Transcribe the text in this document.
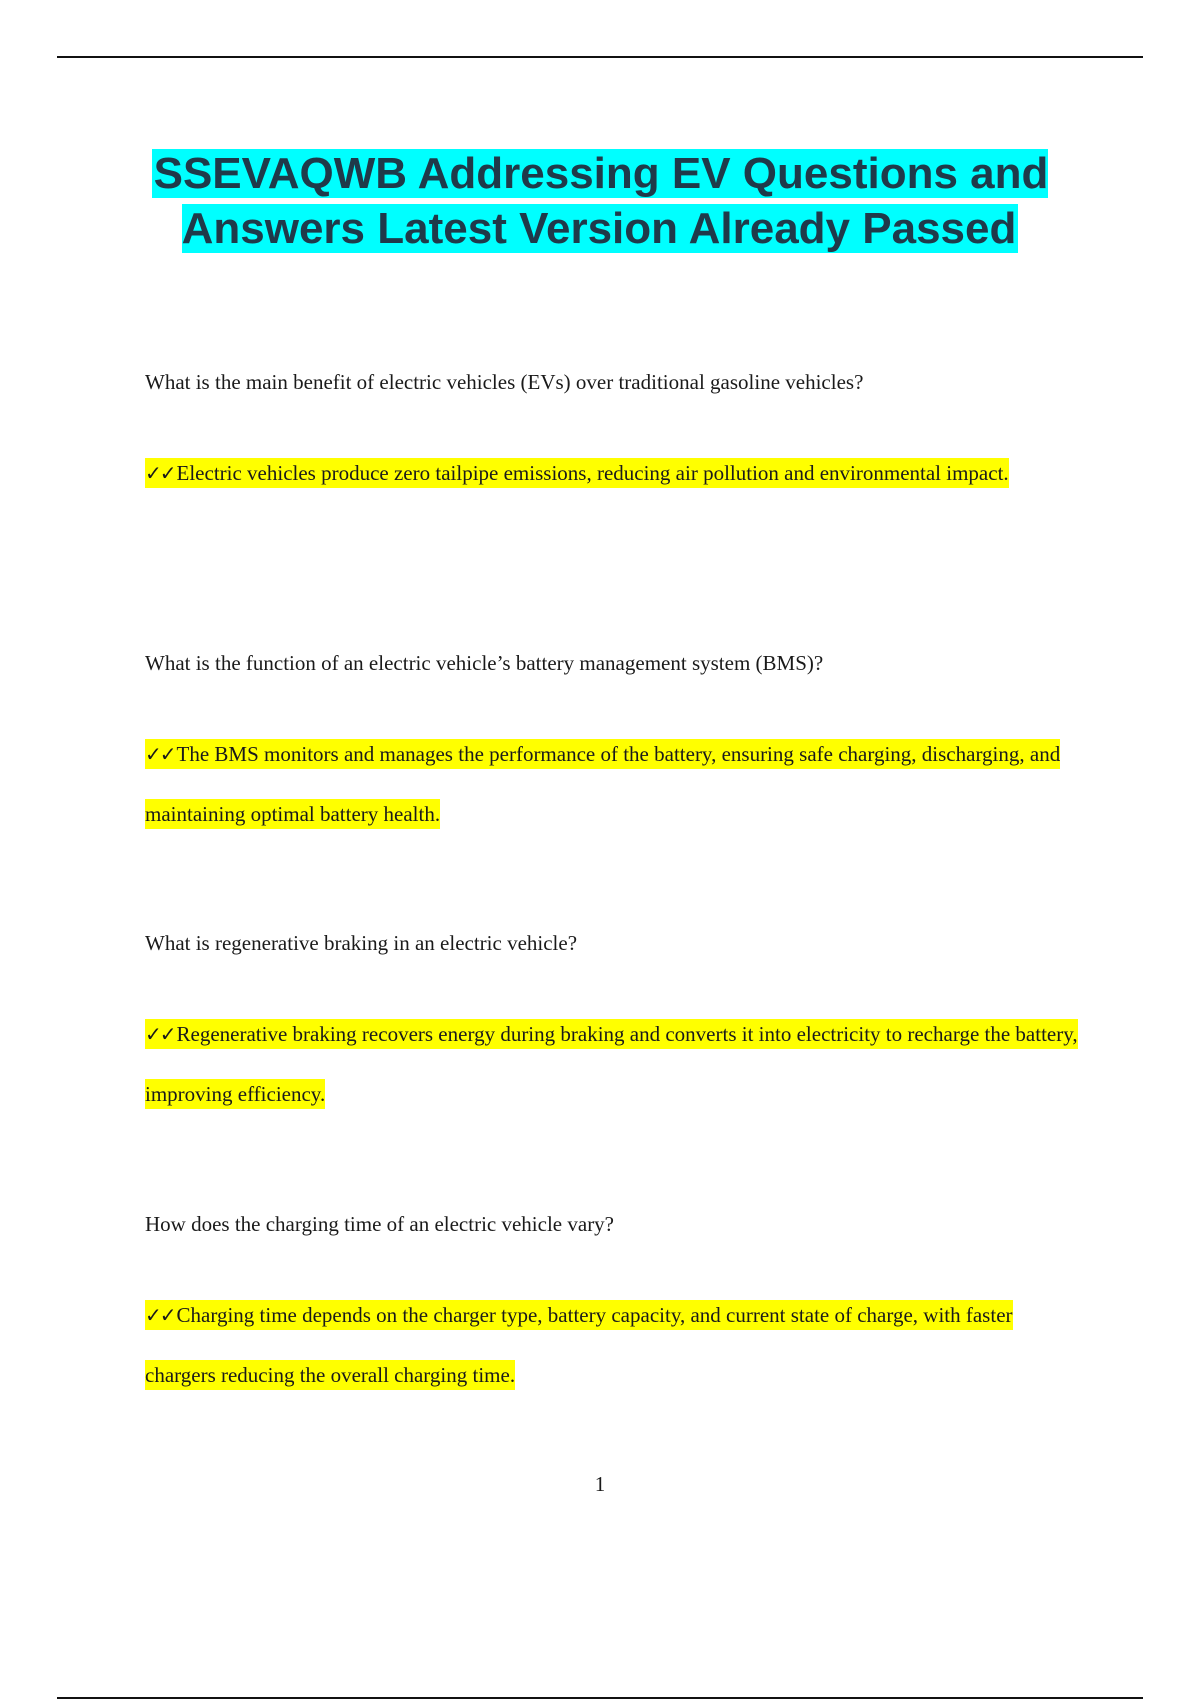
SSEVAQWB Addressing EV Questions and Answers Latest Version Already Passed
What is the main benefit of electric vehicles (EVs) over traditional gasoline vehicles?
✓✓Electric vehicles produce zero tailpipe emissions, reducing air pollution and environmental impact.
What is the function of an electric vehicle’s battery management system (BMS)?
✓✓The BMS monitors and manages the performance of the battery, ensuring safe charging, discharging, and maintaining optimal battery health.
What is regenerative braking in an electric vehicle?
✓✓Regenerative braking recovers energy during braking and converts it into electricity to recharge the battery, improving efficiency.
How does the charging time of an electric vehicle vary?
✓✓Charging time depends on the charger type, battery capacity, and current state of charge, with faster chargers reducing the overall charging time.
1
